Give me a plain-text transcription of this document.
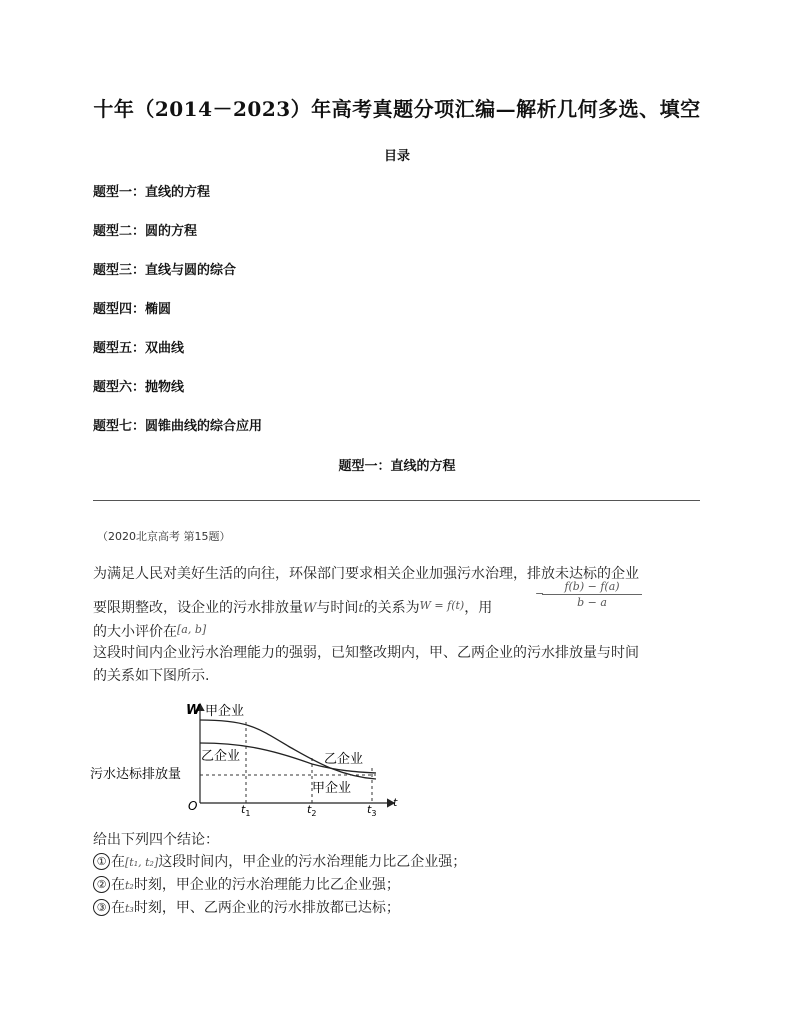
十年（2014－2023）年高考真题分项汇编—解析几何多选、填空
目录
题型一：直线的方程
题型二：圆的方程
题型三：直线与圆的综合
题型四：椭圆
题型五：双曲线
题型六：抛物线
题型七：圆锥曲线的综合应用
题型一：直线的方程
（2020北京高考 第15题）
为满足人民对美好生活的向往，环保部门要求相关企业加强污水治理，排放未达标的企业
要限期整改，设企业的污水排放量W与时间t的关系为$^{W = f(t)}$，用
−
f(b) − f(a)
b − a
的大小评价在[a, b]
这段时间内企业污水治理能力的强弱，已知整改期内，甲、乙两企业的污水排放量与时间
的关系如下图所示.
W
t
O
甲企业
乙企业	乙企业
甲企业
污水达标排放量
$t_1$	$t_2$	$t_3$
给出下列四个结论：
① 在[t₁, t₂]这段时间内，甲企业的污水治理能力比乙企业强；
② 在t₂时刻，甲企业的污水治理能力比乙企业强；
③ 在t₃时刻，甲、乙两企业的污水排放都已达标；
